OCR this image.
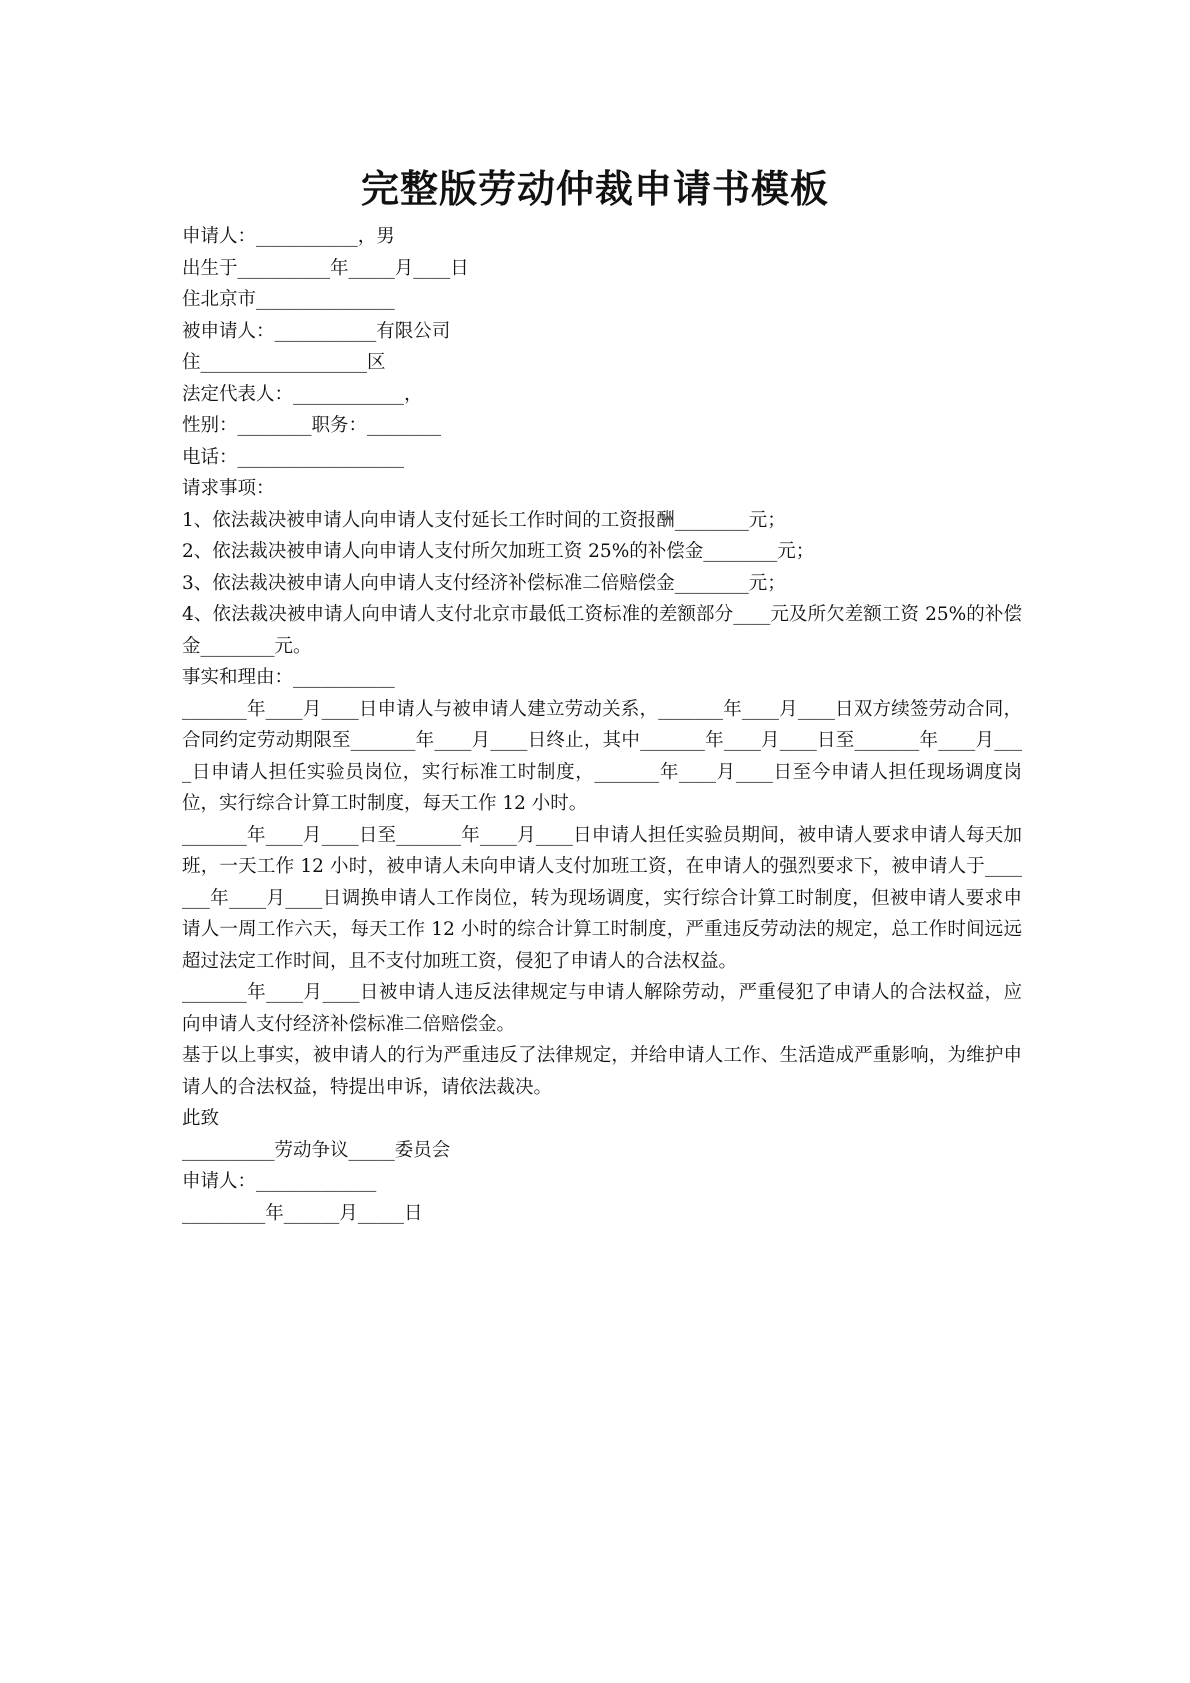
完整版劳动仲裁申请书模板
申请人：___________，男
出生于__________年_____月____日
住北京市_______________
被申请人：___________有限公司
住__________________区
法定代表人：____________，
性别：________职务：________
电话：__________________
请求事项：
1、依法裁决被申请人向申请人支付延长工作时间的工资报酬________元；
2、依法裁决被申请人向申请人支付所欠加班工资 25%的补偿金________元；
3、依法裁决被申请人向申请人支付经济补偿标准二倍赔偿金________元；
4、依法裁决被申请人向申请人支付北京市最低工资标准的差额部分____元及所欠差额工资 25%的补偿金________元。
事实和理由：___________
_______年____月____日申请人与被申请人建立劳动关系，_______年____月____日双方续签劳动合同，合同约定劳动期限至_______年____月____日终止，其中_______年____月____日至_______年____月____日申请人担任实验员岗位，实行标准工时制度，_______年____月____日至今申请人担任现场调度岗位，实行综合计算工时制度，每天工作 12 小时。
_______年____月____日至_______年____月____日申请人担任实验员期间，被申请人要求申请人每天加班，一天工作 12 小时，被申请人未向申请人支付加班工资，在申请人的强烈要求下，被申请人于_______年____月____日调换申请人工作岗位，转为现场调度，实行综合计算工时制度，但被申请人要求申请人一周工作六天，每天工作 12 小时的综合计算工时制度，严重违反劳动法的规定，总工作时间远远超过法定工作时间，且不支付加班工资，侵犯了申请人的合法权益。
_______年____月____日被申请人违反法律规定与申请人解除劳动，严重侵犯了申请人的合法权益，应向申请人支付经济补偿标准二倍赔偿金。
基于以上事实，被申请人的行为严重违反了法律规定，并给申请人工作、生活造成严重影响，为维护申请人的合法权益，特提出申诉，请依法裁决。
此致
__________劳动争议_____委员会
申请人：_____________
_________年______月_____日
